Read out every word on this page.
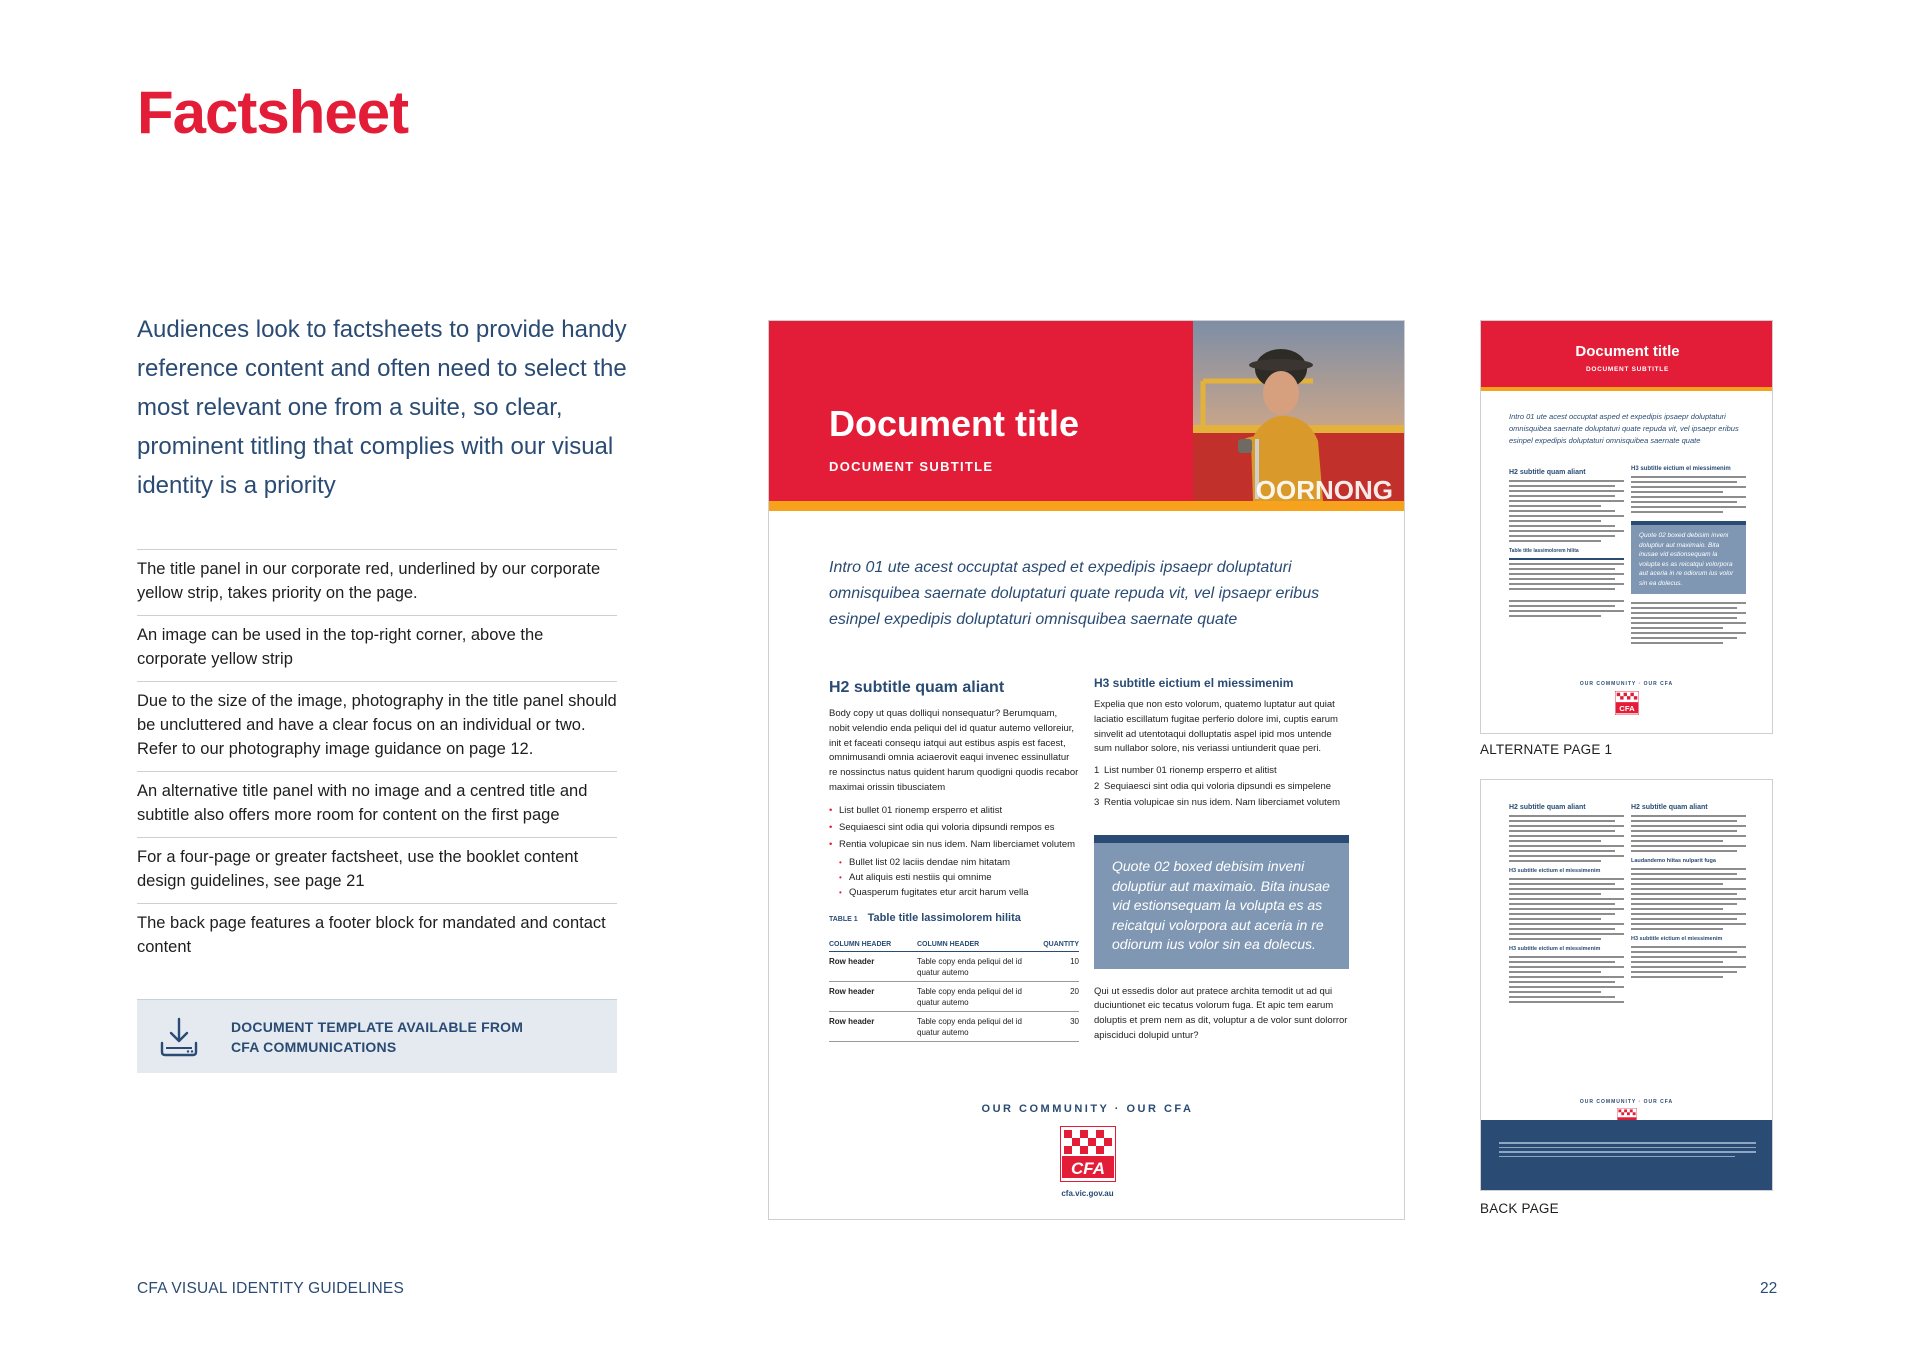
Factsheet
Audiences look to factsheets to provide handy reference content and often need to select the most relevant one from a suite, so clear, prominent titling that complies with our visual identity is a priority
The title panel in our corporate red, underlined by our corporate yellow strip, takes priority on the page.
An image can be used in the top-right corner, above the corporate yellow strip
Due to the size of the image, photography in the title panel should be uncluttered and have a clear focus on an individual or two. Refer to our photography image guidance on page 12.
An alternative title panel with no image and a centred title and subtitle also offers more room for content on the first page
For a four-page or greater factsheet, use the booklet content design guidelines, see page 21
The back page features a footer block for mandated and contact content
DOCUMENT TEMPLATE AVAILABLE FROM
CFA COMMUNICATIONS
OORNONG
Document title
DOCUMENT SUBTITLE
Intro 01 ute acest occuptat asped et expedipis ipsaepr doluptaturi omnisquibea saernate doluptaturi quate repuda vit, vel ipsaepr eribus esinpel expedipis doluptaturi omnisquibea saernate quate
H2 subtitle quam aliant
Body copy ut quas dolliqui nonsequatur? Berumquam, nobit velendio enda peliqui del id quatur autemo velloreiur, init et faceati consequ iatqui aut estibus aspis est facest, omnimusandi omnia aciaerovit eaqui invenec essinullatur re nossinctus natus quident harum quodigni quodis recabor maximai orissin tibusciatem
• List bullet 01 rionemp ersperro et alitist
• Sequiaesci sint odia qui voloria dipsundi rempos es
• Rentia volupicae sin nus idem. Nam liberciamet volutem
• Bullet list 02 laciis dendae nim hitatam
• Aut aliquis esti nestiis qui omnime
• Quasperum fugitates etur arcit harum vella
TABLE 1 Table title lassimolorem hilita
COLUMN HEADER	COLUMN HEADER	QUANTITY
Row header	Table copy enda peliqui del id quatur autemo	10
Row header	Table copy enda peliqui del id quatur autemo	20
Row header	Table copy enda peliqui del id quatur autemo	30
H3 subtitle eictium el miessimenim
Expelia que non esto volorum, quatemo luptatur aut quiat laciatio escillatum fugitae perferio dolore imi, cuptis earum sinvelit ad utentotaqui dolluptatis aspel ipid mos untende sum nullabor solore, nis veriassi untiunderit quae peri.
1 List number 01 rionemp ersperro et alitist
2 Sequiaesci sint odia qui voloria dipsundi es simpelene
3 Rentia volupicae sin nus idem. Nam liberciamet volutem
Quote 02 boxed debisim inveni doluptiur aut maximaio. Bita inusae vid estionsequam la volupta es as reicatqui volorpora aut aceria in re odiorum ius volor sin ea dolecus.
Qui ut essedis dolor aut pratece archita temodit ut ad qui duciuntionet eic tecatus volorum fuga. Et apic tem earum doluptis et prem nem as dit, voluptur a de volor sunt dolorror apisciduci dolupid untur?
OUR COMMUNITY · OUR CFA
CFA
cfa.vic.gov.au
Document title
DOCUMENT SUBTITLE
Intro 01 ute acest occuptat asped et expedipis ipsaepr doluptaturi omnisquibea saernate doluptaturi quate repuda vit, vel ipsaepr eribus esinpel expedipis doluptaturi omnisquibea saernate quate
H2 subtitle quam aliant
Table title lassimolorem hilita
H3 subtitle eictium el miessimenim
Quote 02 boxed debisim inveni doluptiur aut maximaio. Bita inusae vid estionsequam la volupta es as reicatqui volorpora aut aceria in re odiorum ius volor sin ea dolecus.
OUR COMMUNITY · OUR CFA
CFA
ALTERNATE PAGE 1
H2 subtitle quam aliant
H3 subtitle eictium el miessimenim
H3 subtitle eictium el miessimenim
H2 subtitle quam aliant
Laudandemo hiitas nulparit fuga
H3 subtitle eictium el miessimenim
OUR COMMUNITY · OUR CFA
BACK PAGE
CFA VISUAL IDENTITY GUIDELINES	22
